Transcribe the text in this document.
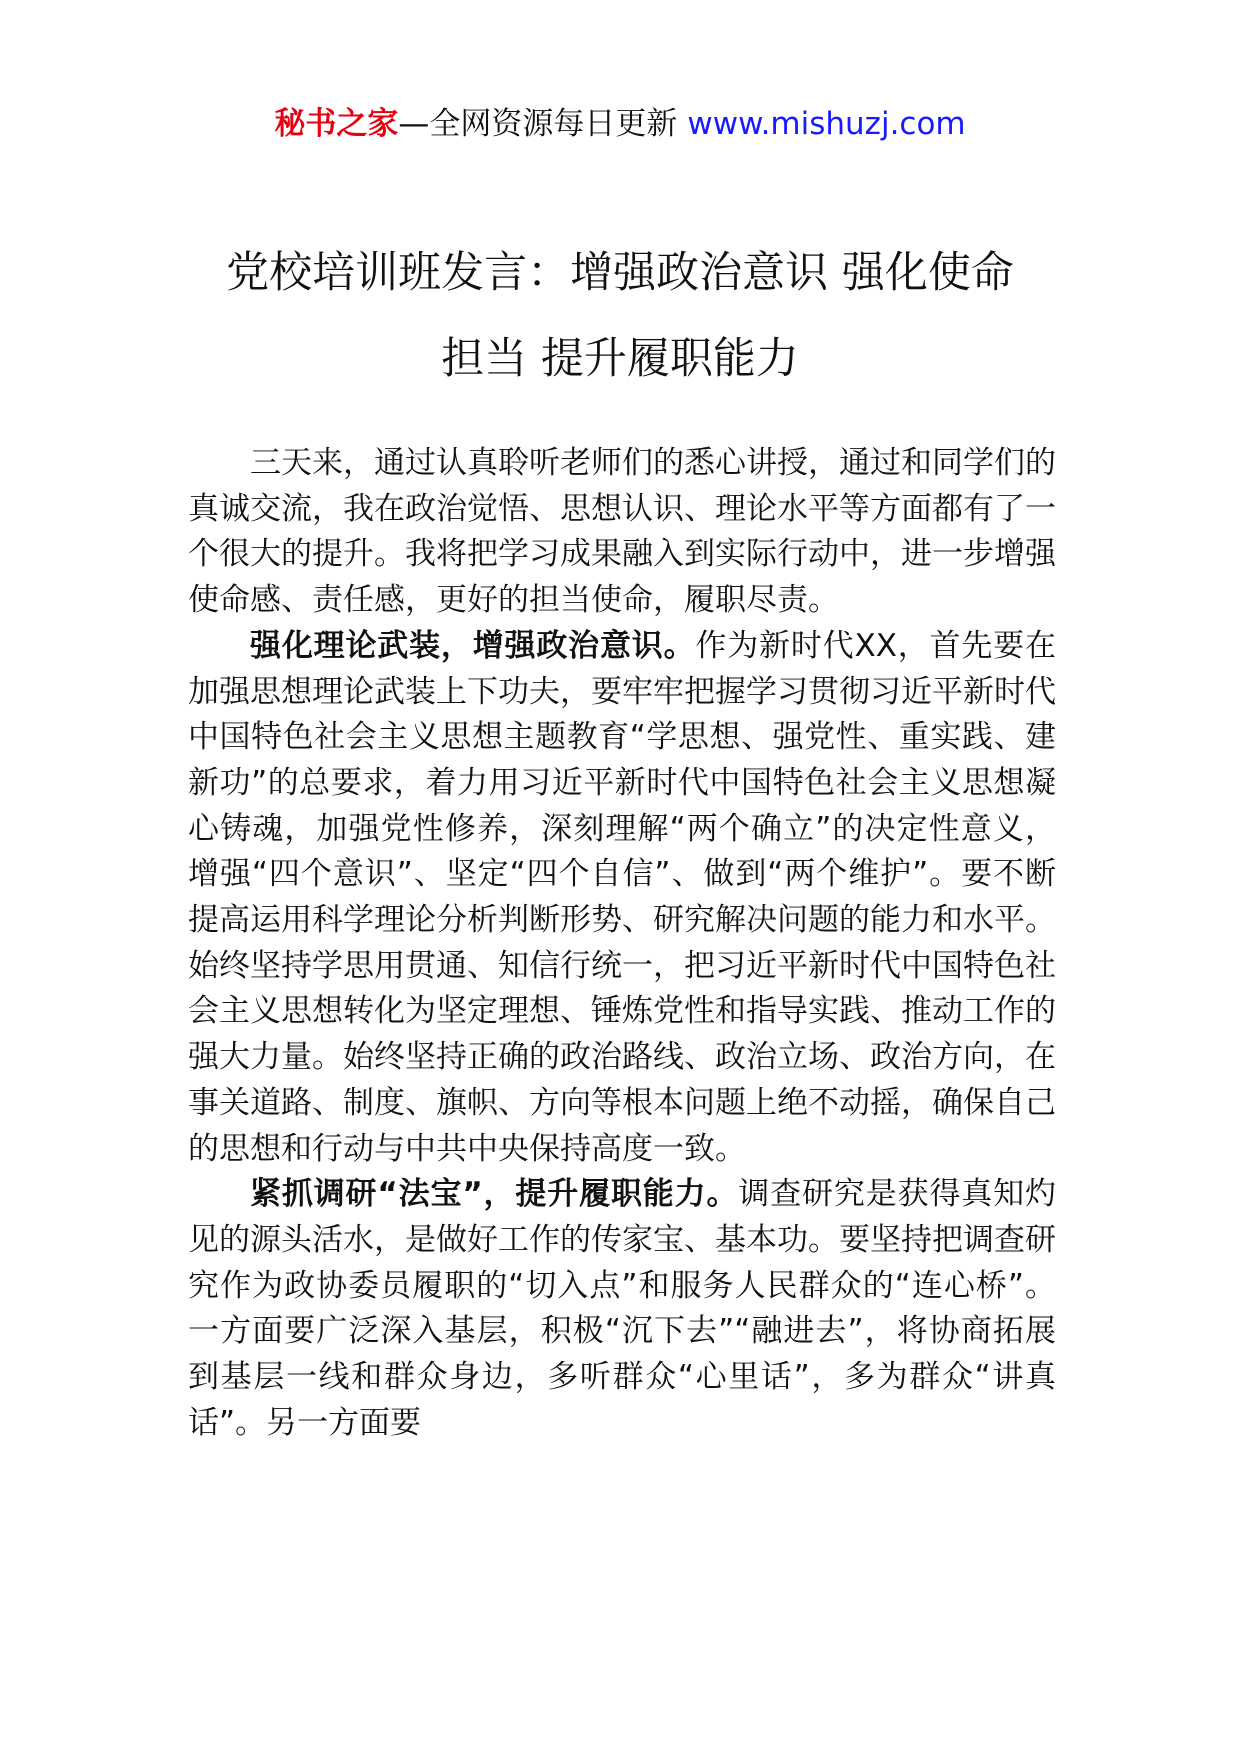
秘书之家—全网资源每日更新 www.mishuzj.com
党校培训班发言：增强政治意识 强化使命
担当 提升履职能力

三天来，通过认真聆听老师们的悉心讲授，通过和同学们的真诚交流，我在政治觉悟、思想认识、理论水平等方面都有了一个很大的提升。我将把学习成果融入到实际行动中，进一步增强使命感、责任感，更好的担当使命，履职尽责。

强化理论武装，增强政治意识。作为新时代XX，首先要在加强思想理论武装上下功夫，要牢牢把握学习贯彻习近平新时代中国特色社会主义思想主题教育“学思想、强党性、重实践、建新功”的总要求，着力用习近平新时代中国特色社会主义思想凝心铸魂，加强党性修养，深刻理解“两个确立”的决定性意义，增强“四个意识”、坚定“四个自信”、做到“两个维护”。要不断提高运用科学理论分析判断形势、研究解决问题的能力和水平。始终坚持学思用贯通、知信行统一，把习近平新时代中国特色社会主义思想转化为坚定理想、锤炼党性和指导实践、推动工作的强大力量。始终坚持正确的政治路线、政治立场、政治方向，在事关道路、制度、旗帜、方向等根本问题上绝不动摇，确保自己的思想和行动与中共中央保持高度一致。

紧抓调研“法宝”，提升履职能力。调查研究是获得真知灼见的源头活水，是做好工作的传家宝、基本功。要坚持把调查研究作为政协委员履职的“切入点”和服务人民群众的“连心桥”。一方面要广泛深入基层，积极“沉下去”“融进去”，将协商拓展到基层一线和群众身边，多听群众“心里话”，多为群众“讲真话”。另一方面要
